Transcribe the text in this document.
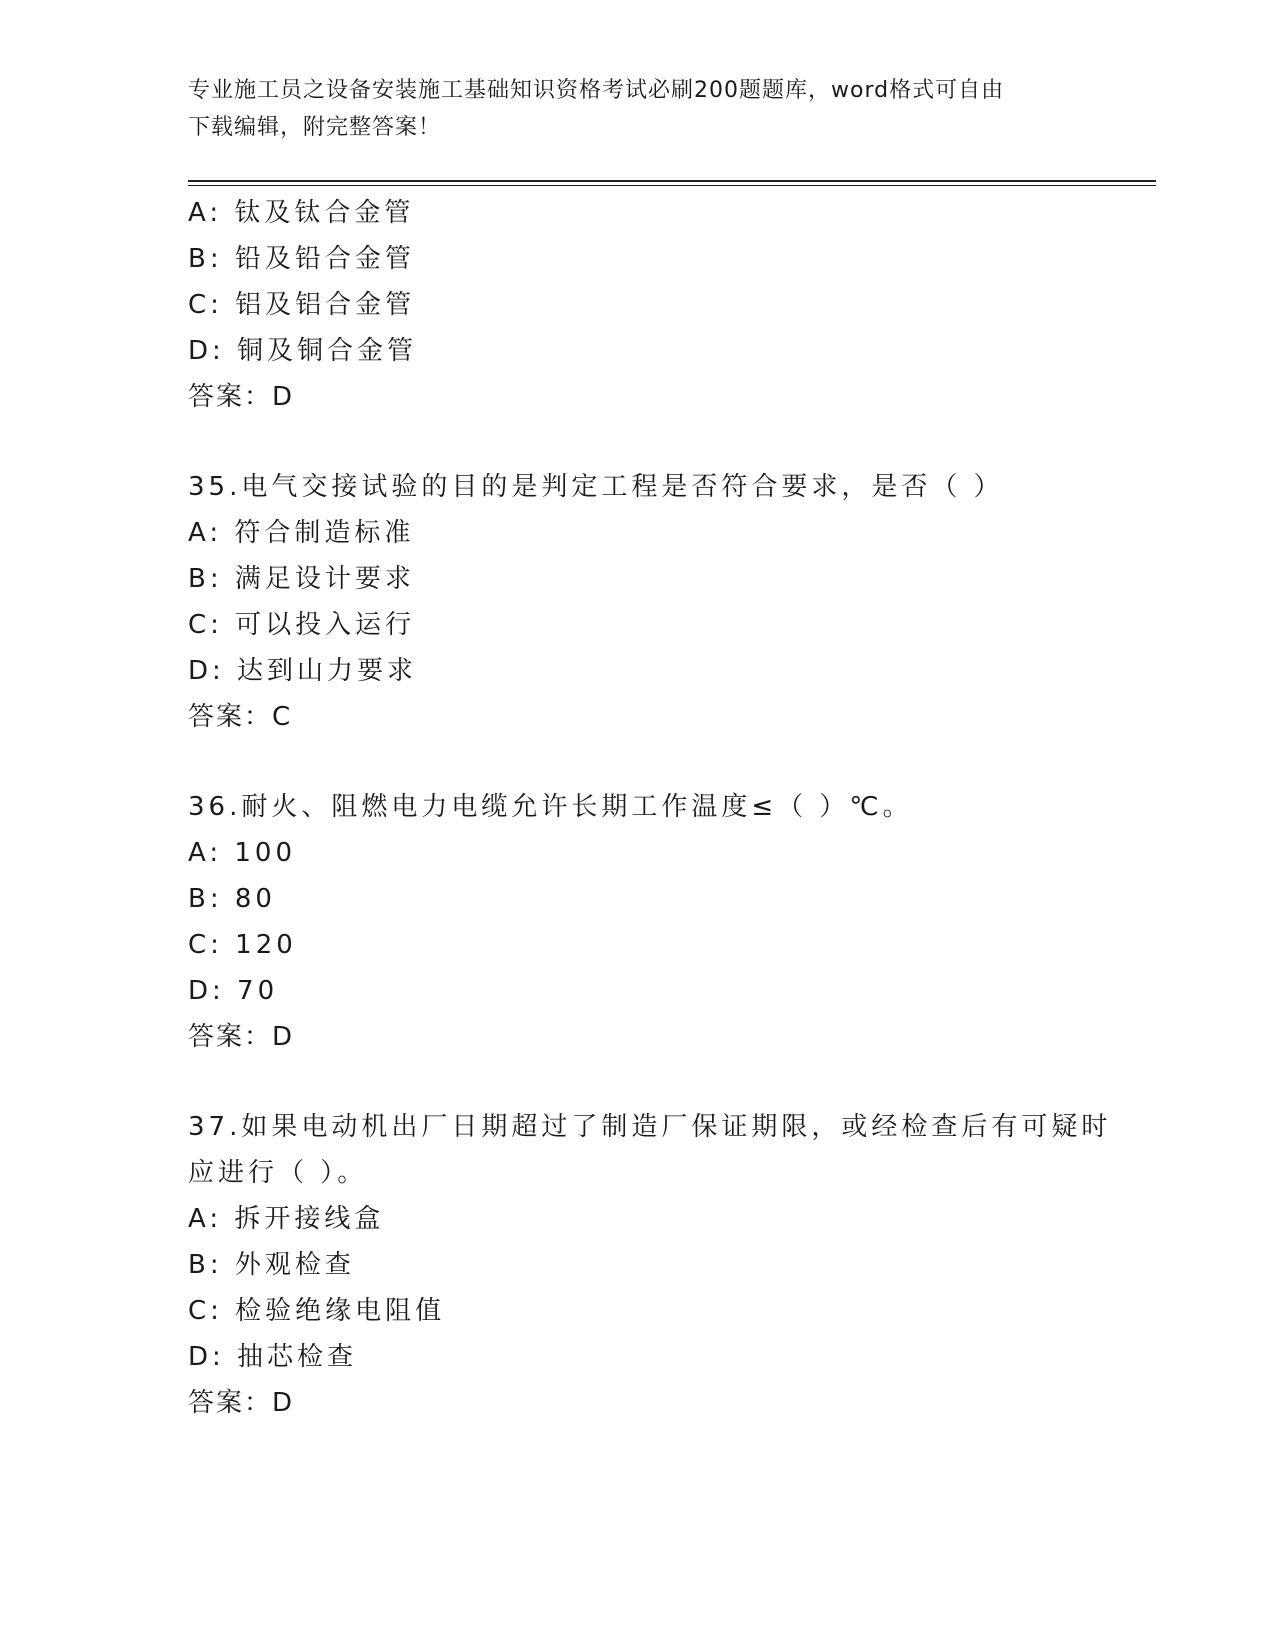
专业施工员之设备安装施工基础知识资格考试必刷200题题库，word格式可自由
下载编辑，附完整答案！
A: 钛及钛合金管
B: 铅及铅合金管
C: 铝及铝合金管
D: 铜及铜合金管
答案：D
35.电气交接试验的目的是判定工程是否符合要求，是否（ ）
A: 符合制造标准
B: 满足设计要求
C: 可以投入运行
D: 达到山力要求
答案：C
36.耐火、阻燃电力电缆允许长期工作温度≤（ ）℃。
A: 100
B: 80
C: 120
D: 70
答案：D
37.如果电动机出厂日期超过了制造厂保证期限，或经检查后有可疑时
应进行（ ）。
A: 拆开接线盒
B: 外观检查
C: 检验绝缘电阻值
D: 抽芯检查
答案：D
